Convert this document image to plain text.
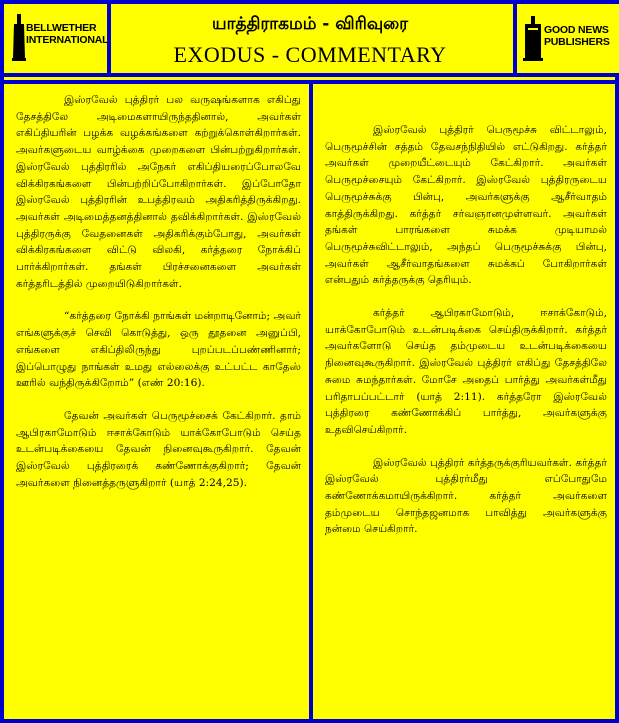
BELLWETHER
INTERNATIONAL
யாத்திராகமம் - விரிவுரை
EXODUS - COMMENTARY
GOOD NEWS
PUBLISHERS

இஸ்ரவேல் புத்திரர் பல வருஷங்களாக எகிப்து தேசத்திலே அடிமைகளாயிருந்ததினால், அவர்கள் எகிப்தியரின் பழக்க வழக்கங்களை கற்றுக்கொள்கிறார்கள். அவர்களுடைய வாழ்க்கை முறைகளை பின்பற்றுகிறார்கள். இஸ்ரவேல் புத்திரரில் அநேகர் எகிப்தியரைப்போலவே விக்கிரகங்களை பின்பற்றிப்போகிறார்கள். இப்போதோ இஸ்ரவேல் புத்திரரின் உபத்திரவம் அதிகரித்திருக்கிறது. அவர்கள் அடிமைத்தனத்தினால் தவிக்கிறார்கள். இஸ்ரவேல் புத்திரருக்கு வேதனைகள் அதிகரிக்கும்போது, அவர்கள் விக்கிரகங்களை விட்டு விலகி, கர்த்தரை நோக்கிப் பார்க்கிறார்கள். தங்கள் பிரச்சனைகளை அவர்கள் கர்த்தரிடத்தில் முறையிடுகிறார்கள்.

“கர்த்தரை நோக்கி நாங்கள் மன்றாடினோம்; அவர் எங்களுக்குச் செவி கொடுத்து, ஒரு தூதனை அனுப்பி, எங்களை எகிப்திலிருந்து புறப்படப்பண்ணினார்; இப்பொழுது நாங்கள் உமது எல்லைக்கு உட்பட்ட காதேஸ் ஊரில் வந்திருக்கிறோம்” (எண் 20:16).

தேவன் அவர்கள் பெருமூச்சைக் கேட்கிறார். தாம் ஆபிரகாமோடும் ஈசாக்கோடும் யாக்கோபோடும் செய்த உடன்படிக்கையை தேவன் நினைவுகூருகிறார். தேவன் இஸ்ரவேல் புத்திரரைக் கண்ணோக்குகிறார்; தேவன் அவர்களை நினைத்தருளுகிறார் (யாத் 2:24,25).

இஸ்ரவேல் புத்திரர் பெருமூச்சு விட்டாலும், பெருமூச்சின் சத்தம் தேவசந்நிதியில் எட்டுகிறது. கர்த்தர் அவர்கள் முறையீட்டையும் கேட்கிறார். அவர்கள் பெருமூச்சையும் கேட்கிறார். இஸ்ரவேல் புத்திரருடைய பெருமூச்சுக்கு பின்பு, அவர்களுக்கு ஆசீர்வாதம் காத்திருக்கிறது. கர்த்தர் சர்வஞானமுள்ளவர். அவர்கள் தங்கள் பாரங்களை சுமக்க முடியாமல் பெருமூச்சுவிட்டாலும், அந்தப் பெருமூச்சுக்கு பின்பு, அவர்கள் ஆசீர்வாதங்களை சுமக்கப் போகிறார்கள் என்பதும் கர்த்தருக்கு தெரியும்.

கர்த்தர் ஆபிரகாமோடும், ஈசாக்கோடும், யாக்கோபோடும் உடன்படிக்கை செய்திருக்கிறார். கர்த்தர் அவர்களோடு செய்த தம்முடைய உடன்படிக்கையை நினைவுகூருகிறார். இஸ்ரவேல் புத்திரர் எகிப்து தேசத்திலே சுமை சுமந்தார்கள். மோசே அதைப் பார்த்து அவர்கள்மீது பரிதாபப்பட்டார் (யாத் 2:11). கர்த்தரோ இஸ்ரவேல் புத்திரரை கண்ணோக்கிப் பார்த்து, அவர்களுக்கு உதவிசெய்கிறார்.

இஸ்ரவேல் புத்திரர் கர்த்தருக்குரியவர்கள். கர்த்தர் இஸ்ரவேல் புத்திரர்மீது எப்போதுமே கண்ணோக்கமாயிருக்கிறார். கர்த்தர் அவர்களை தம்முடைய சொந்தஜனமாக பாவித்து அவர்களுக்கு நன்மை செய்கிறார்.
